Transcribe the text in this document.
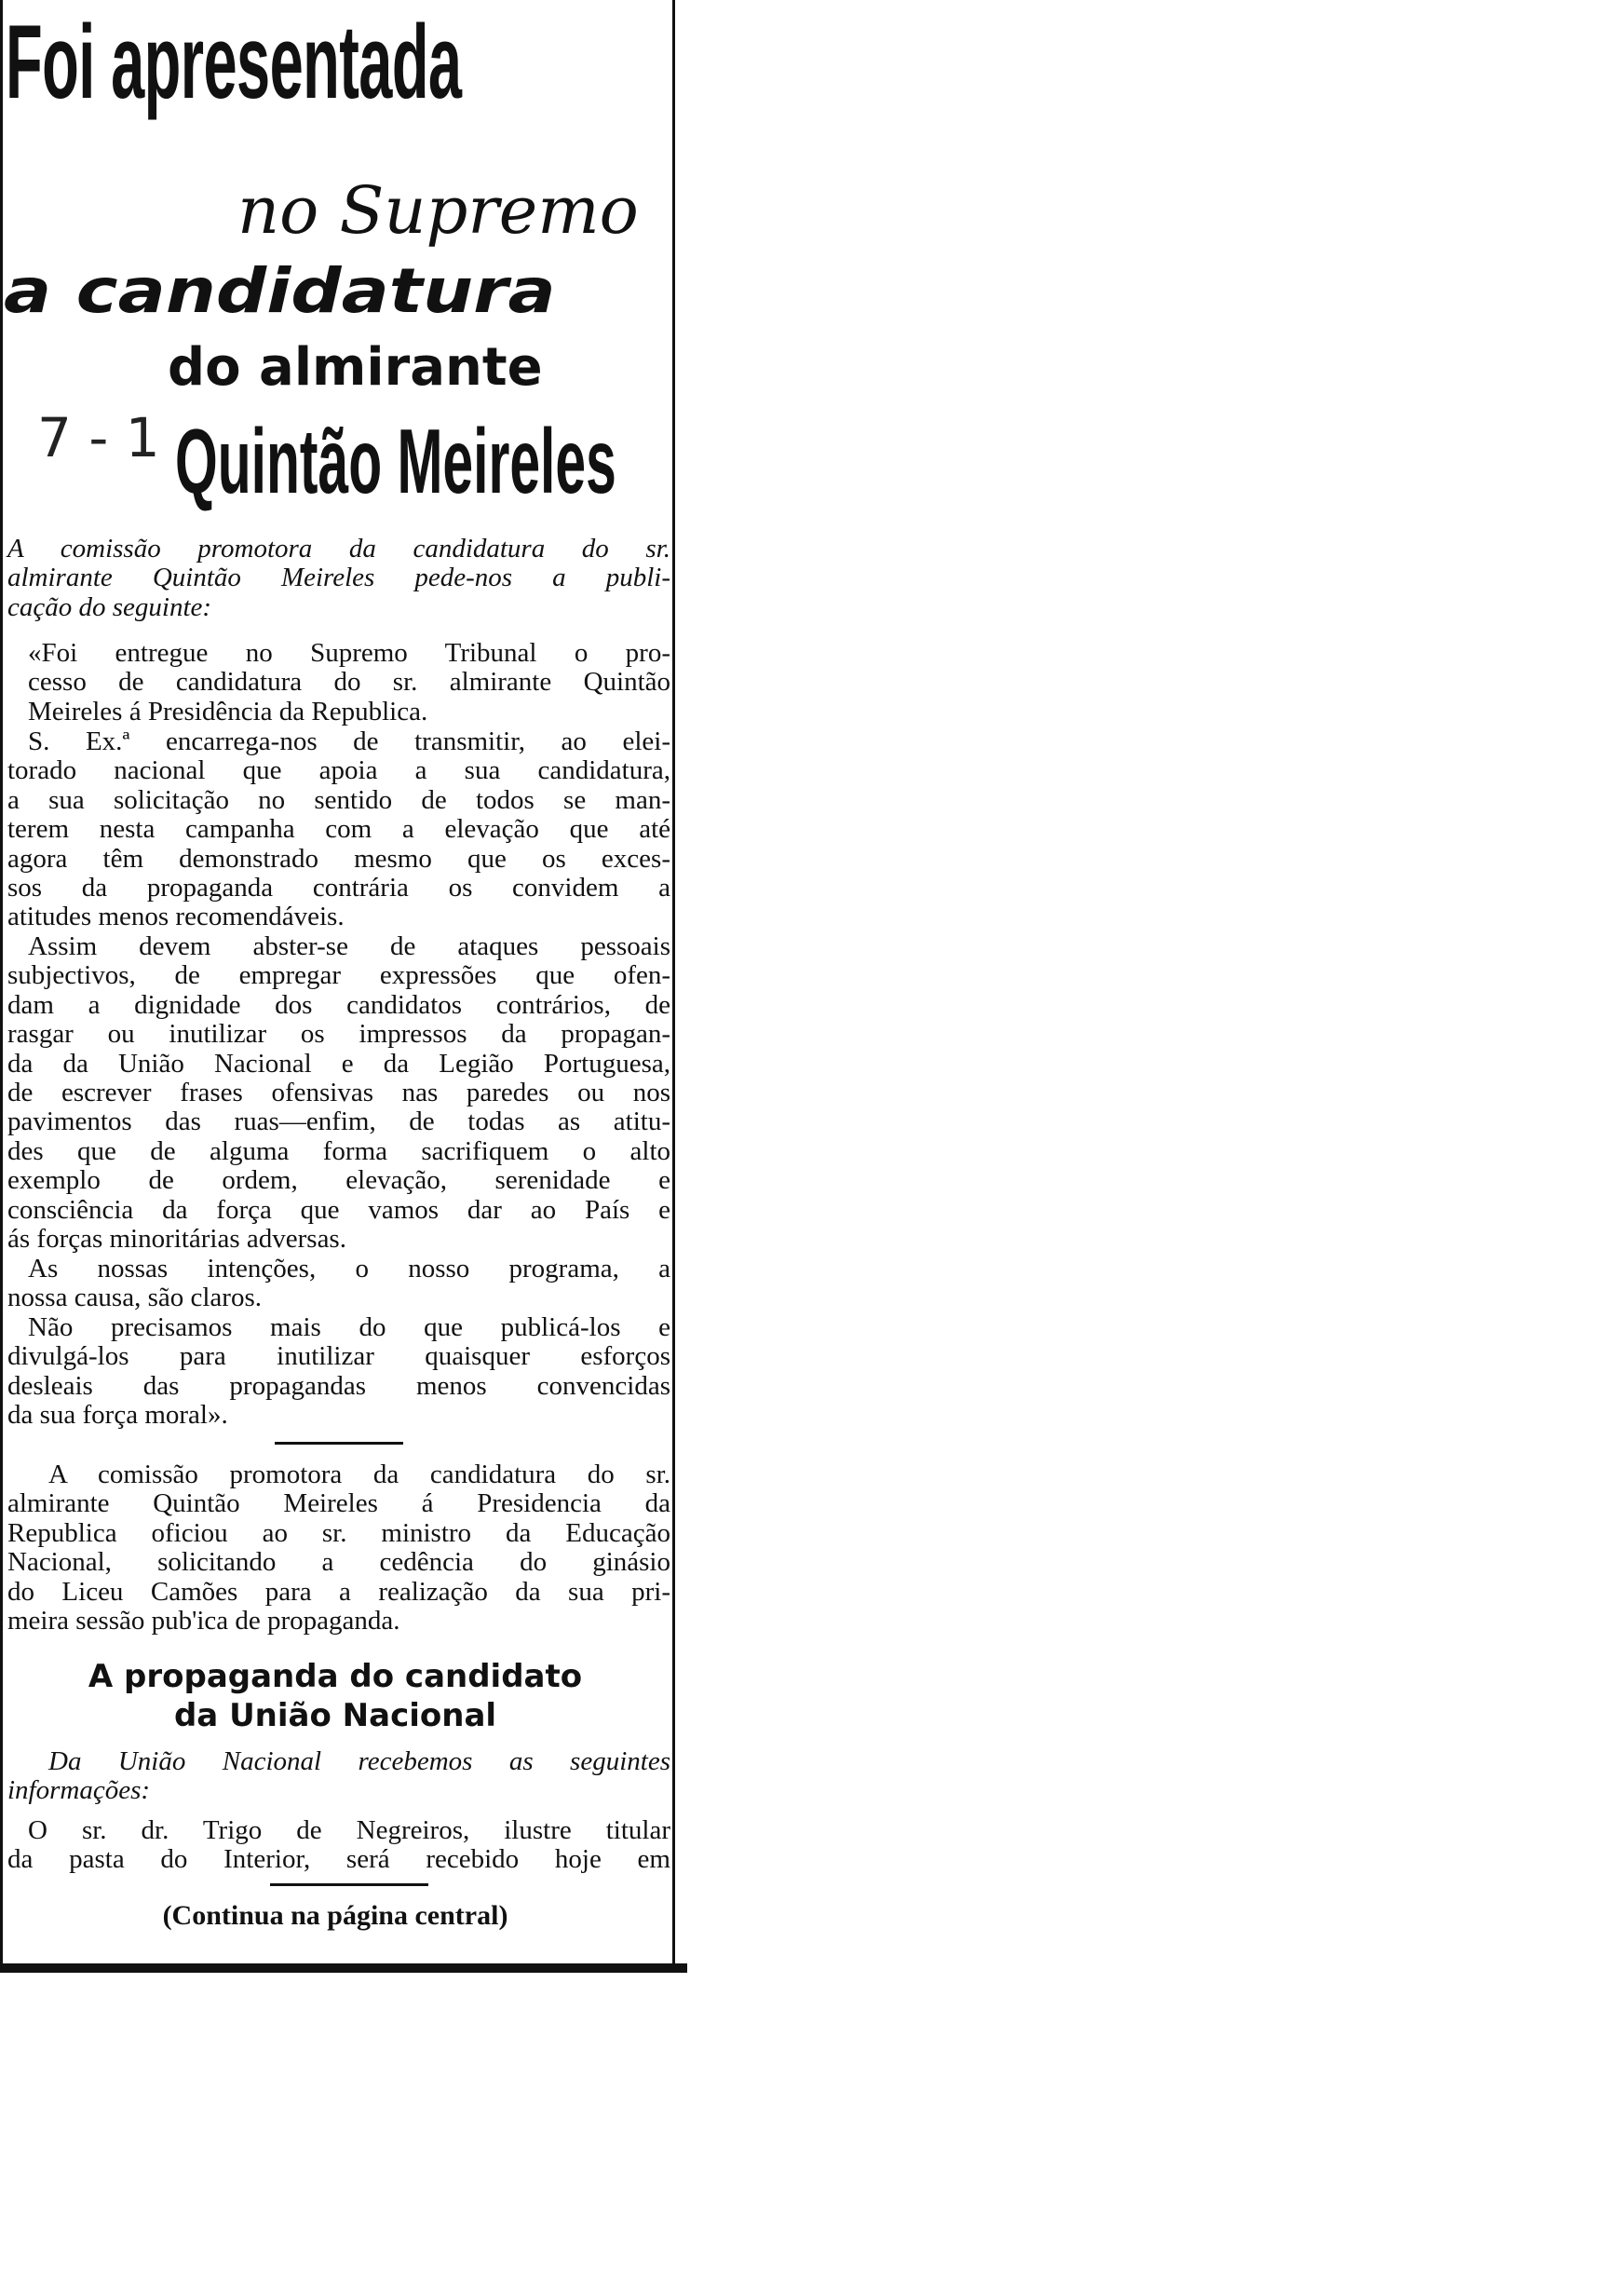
Foi apresentada
no Supremo
a candidatura
do almirante
7 - 1 Quintão Meireles

A comissão promotora da candidatura do sr.
almirante Quintão Meireles pede-nos a publi-
cação do seguinte:

«Foi entregue no Supremo Tribunal o pro-
cesso de candidatura do sr. almirante Quintão
Meireles á Presidência da Republica.

S. Ex.ª encarrega-nos de transmitir, ao elei-
torado nacional que apoia a sua candidatura,
a sua solicitação no sentido de todos se man-
terem nesta campanha com a elevação que até
agora têm demonstrado mesmo que os exces-
sos da propaganda contrária os convidem a
atitudes menos recomendáveis.

Assim devem abster-se de ataques pessoais
subjectivos, de empregar expressões que ofen-
dam a dignidade dos candidatos contrários, de
rasgar ou inutilizar os impressos da propagan-
da da União Nacional e da Legião Portuguesa,
de escrever frases ofensivas nas paredes ou nos
pavimentos das ruas—enfim, de todas as atitu-
des que de alguma forma sacrifiquem o alto
exemplo de ordem, elevação, serenidade e
consciência da força que vamos dar ao País e
ás forças minoritárias adversas.

As nossas intenções, o nosso programa, a
nossa causa, são claros.

Não precisamos mais do que publicá-los e
divulgá-los para inutilizar quaisquer esforços
desleais das propagandas menos convencidas
da sua força moral».

A comissão promotora da candidatura do sr.
almirante Quintão Meireles á Presidencia da
Republica oficiou ao sr. ministro da Educação
Nacional, solicitando a cedência do ginásio
do Liceu Camões para a realização da sua pri-
meira sessão pub'ica de propaganda.

A propaganda do candidato
da União Nacional

Da União Nacional recebemos as seguintes
informações:

O sr. dr. Trigo de Negreiros, ilustre titular
da pasta do Interior, será recebido hoje em

(Continua na página central)
